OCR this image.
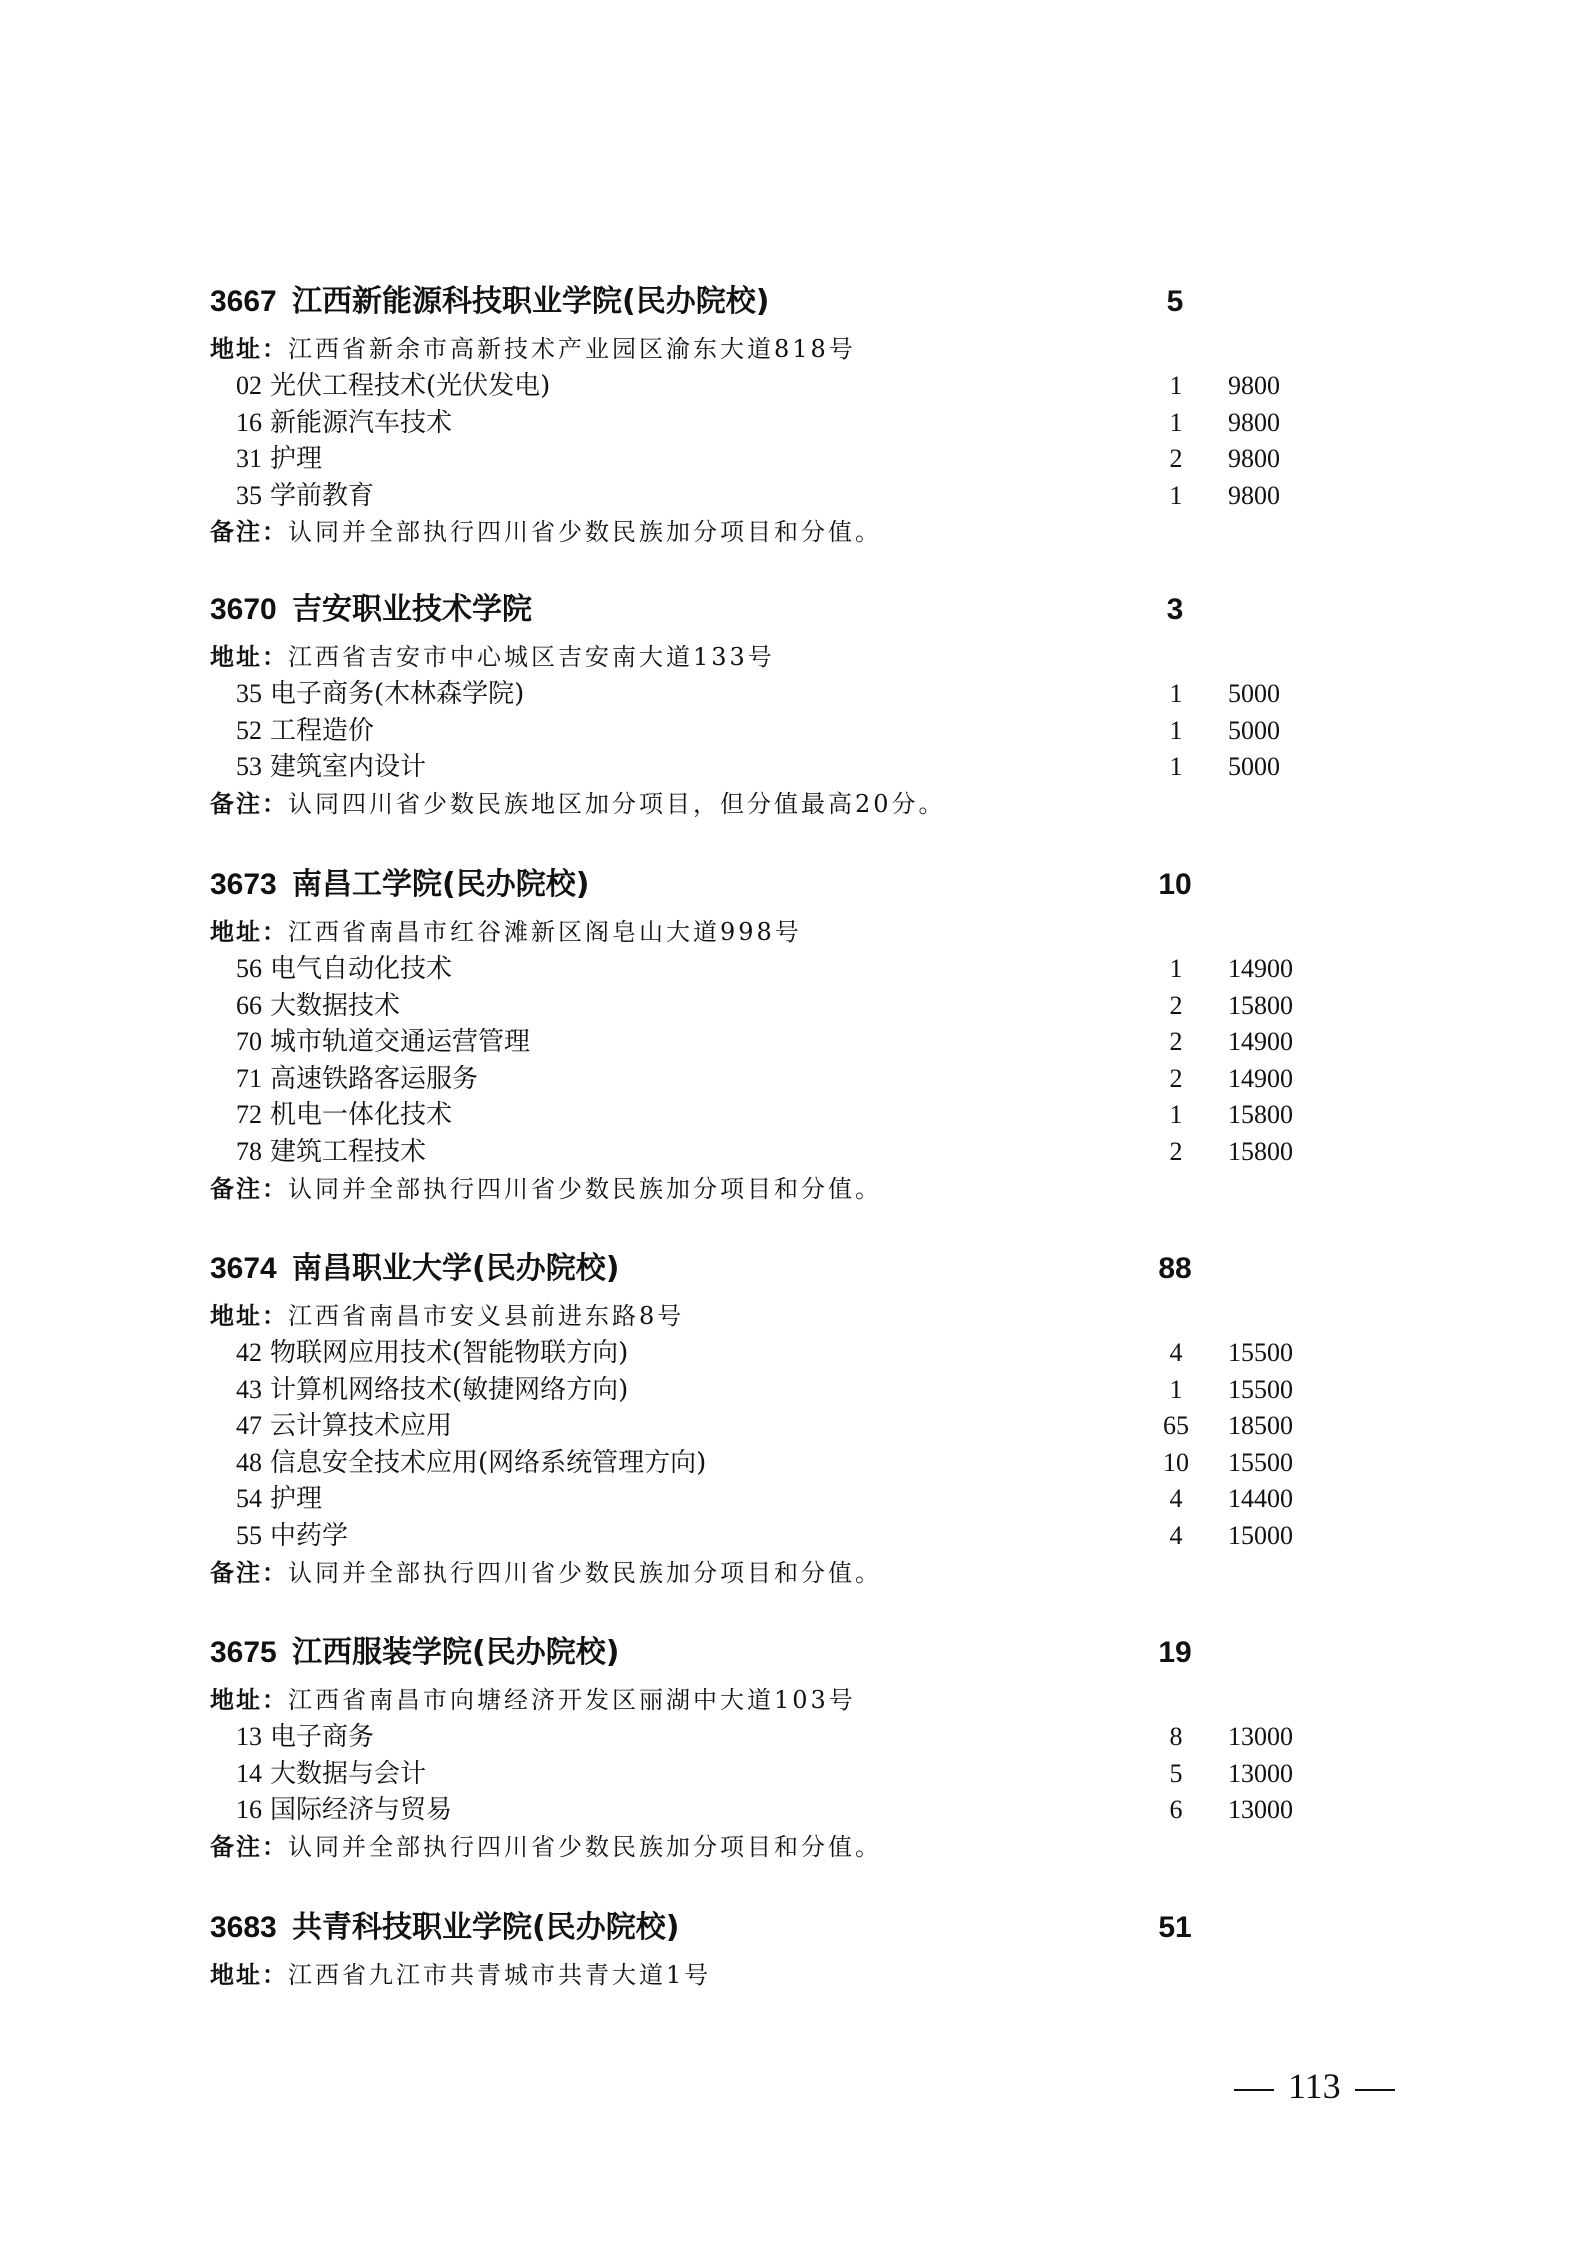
3667 江西新能源科技职业学院(民办院校)	5
地址：江西省新余市高新技术产业园区渝东大道818号
02 光伏工程技术(光伏发电)	1	9800
16 新能源汽车技术	1	9800
31 护理	2	9800
35 学前教育	1	9800
备注：认同并全部执行四川省少数民族加分项目和分值。
3670 吉安职业技术学院	3
地址：江西省吉安市中心城区吉安南大道133号
35 电子商务(木林森学院)	1	5000
52 工程造价	1	5000
53 建筑室内设计	1	5000
备注：认同四川省少数民族地区加分项目，但分值最高20分。
3673 南昌工学院(民办院校)	10
地址：江西省南昌市红谷滩新区阁皂山大道998号
56 电气自动化技术	1	14900
66 大数据技术	2	15800
70 城市轨道交通运营管理	2	14900
71 高速铁路客运服务	2	14900
72 机电一体化技术	1	15800
78 建筑工程技术	2	15800
备注：认同并全部执行四川省少数民族加分项目和分值。
3674 南昌职业大学(民办院校)	88
地址：江西省南昌市安义县前进东路8号
42 物联网应用技术(智能物联方向)	4	15500
43 计算机网络技术(敏捷网络方向)	1	15500
47 云计算技术应用	65	18500
48 信息安全技术应用(网络系统管理方向)	10	15500
54 护理	4	14400
55 中药学	4	15000
备注：认同并全部执行四川省少数民族加分项目和分值。
3675 江西服装学院(民办院校)	19
地址：江西省南昌市向塘经济开发区丽湖中大道103号
13 电子商务	8	13000
14 大数据与会计	5	13000
16 国际经济与贸易	6	13000
备注：认同并全部执行四川省少数民族加分项目和分值。
3683 共青科技职业学院(民办院校)	51
地址：江西省九江市共青城市共青大道1号
113
